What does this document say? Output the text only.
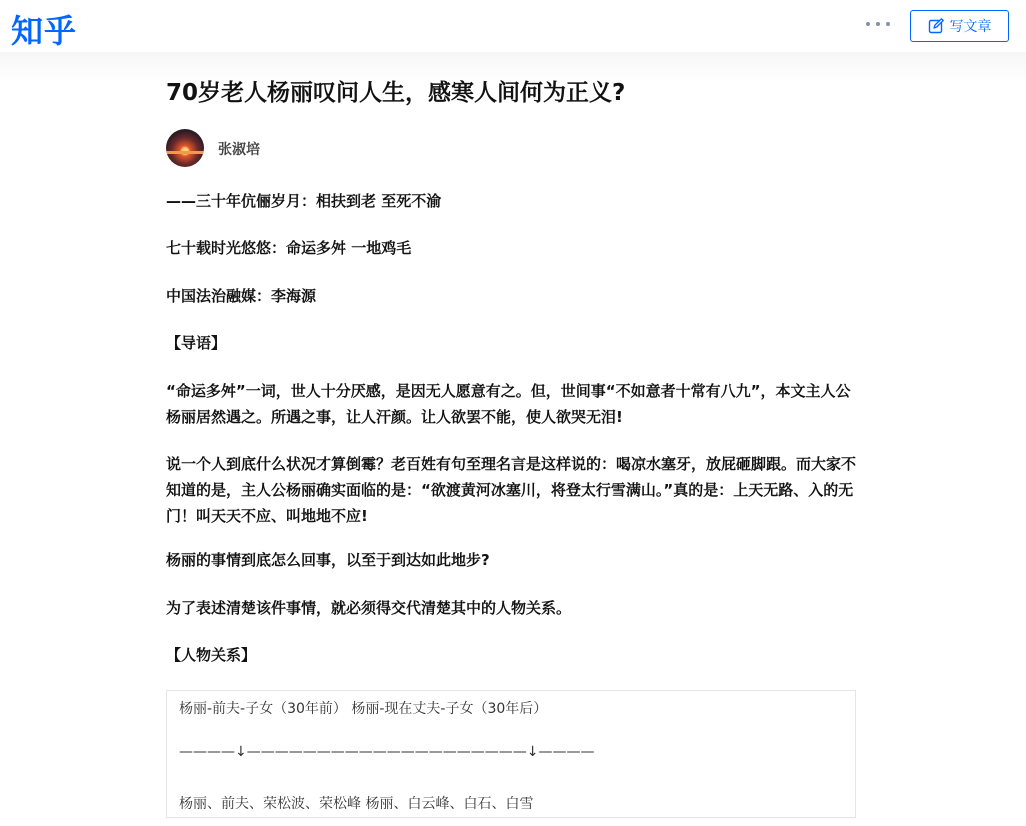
知乎	写文章
70岁老人杨丽叹问人生，感寒人间何为正义?
张淑培

——三十年伉俪岁月：相扶到老 至死不渝

七十载时光悠悠：命运多舛 一地鸡毛

中国法治融媒：李海源

【导语】

“命运多舛”一词，世人十分厌感，是因无人愿意有之。但，世间事“不如意者十常有八九”，本文主人公杨丽居然遇之。所遇之事，让人汗颜。让人欲罢不能，使人欲哭无泪!

说一个人到底什么状况才算倒霉？老百姓有句至理名言是这样说的：喝凉水塞牙，放屁砸脚跟。而大家不知道的是，主人公杨丽确实面临的是：“欲渡黄河冰塞川，将登太行雪满山。”真的是：上天无路、入的无门！叫天天不应、叫地地不应!

杨丽的事情到底怎么回事，以至于到达如此地步?

为了表述清楚该件事情，就必须得交代清楚其中的人物关系。

【人物关系】

杨丽-前夫-子女（30年前） 杨丽-现在丈夫-子女（30年后）
————↓————————————————————↓————
杨丽、前夫、荣松波、荣松峰 杨丽、白云峰、白石、白雪
